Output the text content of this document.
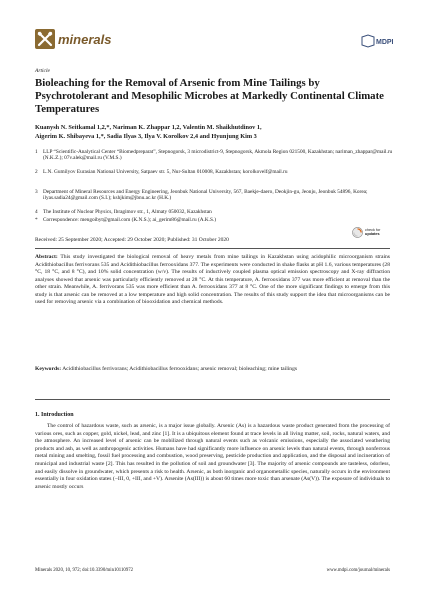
minerals	MDPI
Article
Bioleaching for the Removal of Arsenic from Mine Tailings by Psychrotolerant and Mesophilic Microbes at Markedly Continental Climate Temperatures
Kuanysh N. Seitkamal 1,2,*, Nariman K. Zhappar 1,2, Valentin M. Shaikhutdinov 1,
Aigerim K. Shibayeva 1,*, Sadia Ilyas 3, Ilya V. Korolkov 2,4 and Hyunjung Kim 3
1 LLP “Scientific-Analytical Center “Biomedpreparat”, Stepnogorsk, 3 microdistrict-9, Stepnogorsk, Akmola Region 021500, Kazakhstan; nariman_zhappar@mail.ru (N.K.Z.); 07v.alek@mail.ru (V.M.S.)
2 L.N. Gumilyov Eurasian National University, Satpaev str. 5, Nur-Sultan 010008, Kazakhstan; korolkovelf@mail.ru
3 Department of Mineral Resources and Energy Engineering, Jeonbuk National University, 567, Baekje-daero, Deokjin-gu, Jeonju, Jeonbuk 54896, Korea; ilyas.sadia24@gmail.com (S.I.); kshjkim@jbnu.ac.kr (H.K.)
4 The Institute of Nuclear Physics, Ibragimov str., 1, Almaty 050032, Kazakhstan
* Correspondence: mengoibyt@gmail.com (K.N.S.); ai_gerim86@mail.ru (A.K.S.)
check for
updates
Received: 25 September 2020; Accepted: 29 October 2020; Published: 31 October 2020
Abstract: This study investigated the biological removal of heavy metals from mine tailings in Kazakhstan using acidophilic microorganism strains Acidithiobacillus ferrivorans 535 and Acidithiobacillus ferrooxidans 377. The experiments were conducted in shake flasks at pH 1.6, various temperatures (28 °C, 18 °C, and 8 °C), and 10% solid concentration (w/v). The results of inductively coupled plasma optical emission spectroscopy and X-ray diffraction analyses showed that arsenic was particularly efficiently removed at 28 °C. At this temperature, A. ferrooxidans 377 was more efficient at removal than the other strain. Meanwhile, A. ferrivorans 535 was more efficient than A. ferrooxidans 377 at 8 °C. One of the more significant findings to emerge from this study is that arsenic can be removed at a low temperature and high solid concentration. The results of this study support the idea that microorganisms can be used for removing arsenic via a combination of biooxidation and chemical methods.
Keywords: Acidithiobacillus ferrivorans; Acidithiobacillus ferrooxidans; arsenic removal; bioleaching; mine tailings
1. Introduction
The control of hazardous waste, such as arsenic, is a major issue globally. Arsenic (As) is a hazardous waste product generated from the processing of various ores, such as copper, gold, nickel, lead, and zinc [1]. It is a ubiquitous element found at trace levels in all living matter, soil, rocks, natural waters, and the atmosphere. An increased level of arsenic can be mobilized through natural events such as volcanic emissions, especially the associated weathering products and ash, as well as anthropogenic activities. Humans have had significantly more influence on arsenic levels than natural events, through nonferrous metal mining and smelting, fossil fuel processing and combustion, wood preserving, pesticide production and application, and the disposal and incineration of municipal and industrial waste [2]. This has resulted in the pollution of soil and groundwater [3]. The majority of arsenic compounds are tasteless, odorless, and easily dissolve in groundwater, which presents a risk to health. Arsenic, as both inorganic and organometallic species, naturally occurs in the environment essentially in four oxidation states (−III, 0, +III, and +V). Arsenite (As(III)) is about 60 times more toxic than arsenate (As(V)). The exposure of individuals to arsenic mostly occurs
Minerals 2020, 10, 972; doi:10.3390/min10110972	www.mdpi.com/journal/minerals
